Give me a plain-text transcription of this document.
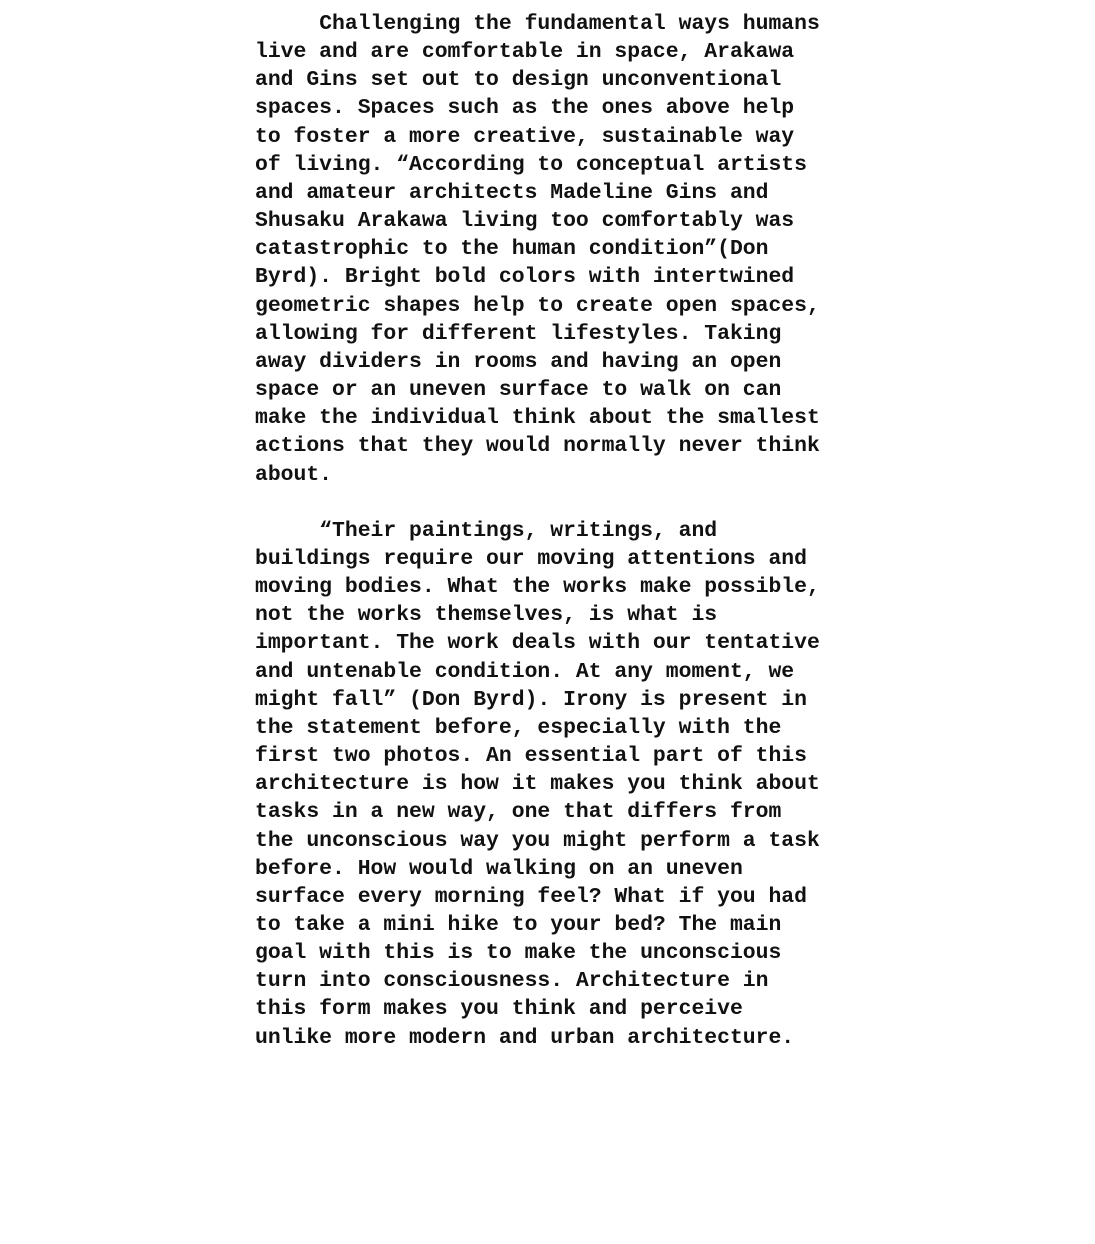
Challenging the fundamental ways humans
live and are comfortable in space, Arakawa
and Gins set out to design unconventional
spaces. Spaces such as the ones above help
to foster a more creative, sustainable way
of living. “According to conceptual artists
and amateur architects Madeline Gins and
Shusaku Arakawa living too comfortably was
catastrophic to the human condition”(Don
Byrd). Bright bold colors with intertwined
geometric shapes help to create open spaces,
allowing for different lifestyles. Taking
away dividers in rooms and having an open
space or an uneven surface to walk on can
make the individual think about the smallest
actions that they would normally never think
about.

“Their paintings, writings, and
buildings require our moving attentions and
moving bodies. What the works make possible,
not the works themselves, is what is
important. The work deals with our tentative
and untenable condition. At any moment, we
might fall” (Don Byrd). Irony is present in
the statement before, especially with the
first two photos. An essential part of this
architecture is how it makes you think about
tasks in a new way, one that differs from
the unconscious way you might perform a task
before. How would walking on an uneven
surface every morning feel? What if you had
to take a mini hike to your bed? The main
goal with this is to make the unconscious
turn into consciousness. Architecture in
this form makes you think and perceive
unlike more modern and urban architecture.
